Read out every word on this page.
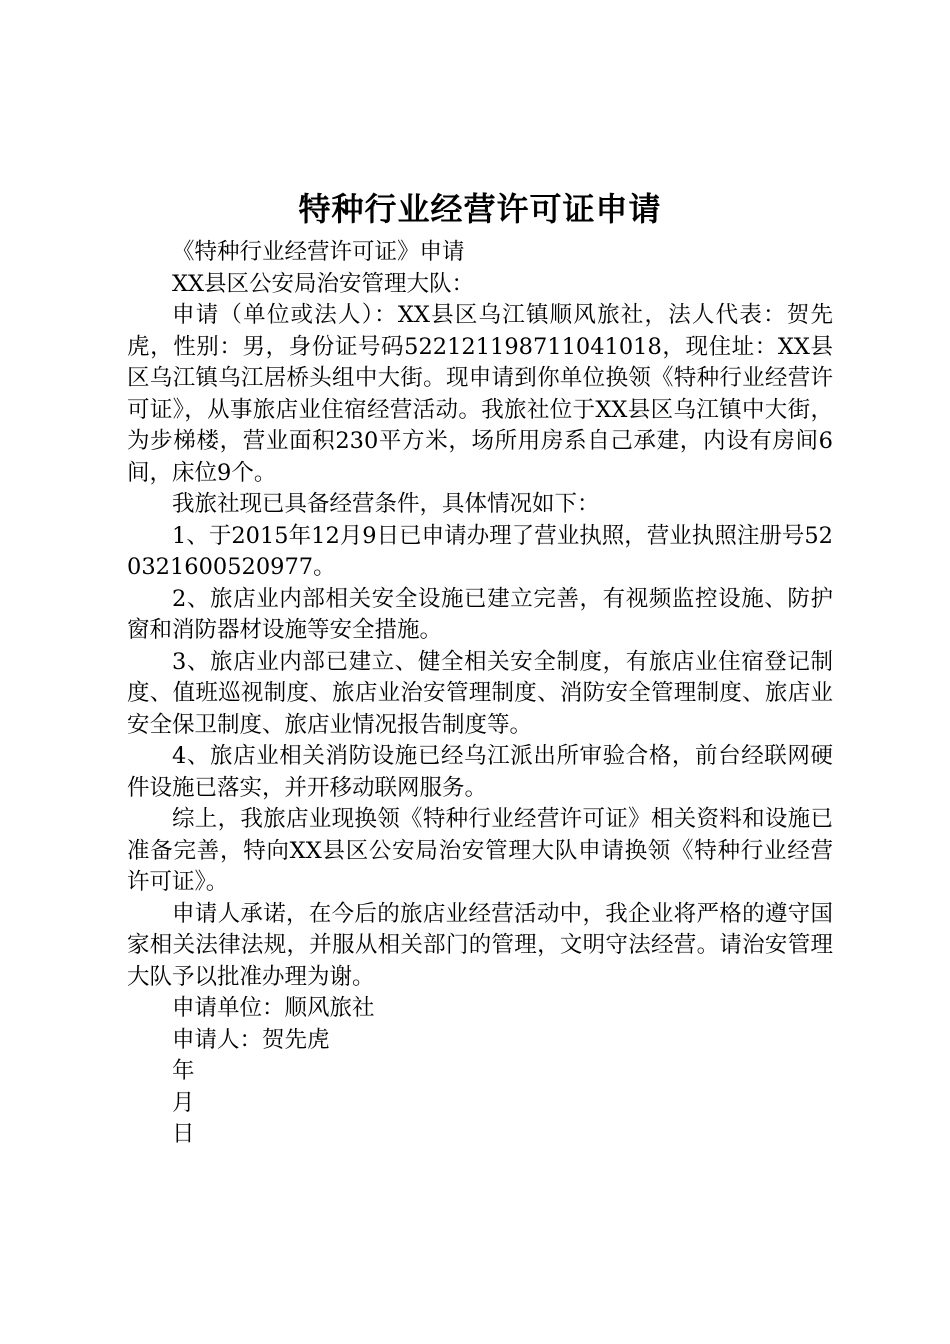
特种行业经营许可证申请

《特种行业经营许可证》申请

XX县区公安局治安管理大队：

申请（单位或法人）：XX县区乌江镇顺风旅社，法人代表：贺先虎，性别：男，身份证号码522121198711041018，现住址：XX县区乌江镇乌江居桥头组中大街。现申请到你单位换领《特种行业经营许可证》，从事旅店业住宿经营活动。我旅社位于XX县区乌江镇中大街，为步梯楼，营业面积230平方米，场所用房系自己承建，内设有房间6间，床位9个。

我旅社现已具备经营条件，具体情况如下：

1、于2015年12月9日已申请办理了营业执照，营业执照注册号520321600520977。

2、旅店业内部相关安全设施已建立完善，有视频监控设施、防护窗和消防器材设施等安全措施。

3、旅店业内部已建立、健全相关安全制度，有旅店业住宿登记制度、值班巡视制度、旅店业治安管理制度、消防安全管理制度、旅店业安全保卫制度、旅店业情况报告制度等。

4、旅店业相关消防设施已经乌江派出所审验合格，前台经联网硬件设施已落实，并开移动联网服务。

综上，我旅店业现换领《特种行业经营许可证》相关资料和设施已准备完善，特向XX县区公安局治安管理大队申请换领《特种行业经营许可证》。

申请人承诺，在今后的旅店业经营活动中，我企业将严格的遵守国家相关法律法规，并服从相关部门的管理，文明守法经营。请治安管理大队予以批准办理为谢。

申请单位：顺风旅社

申请人：贺先虎

年

月

日
